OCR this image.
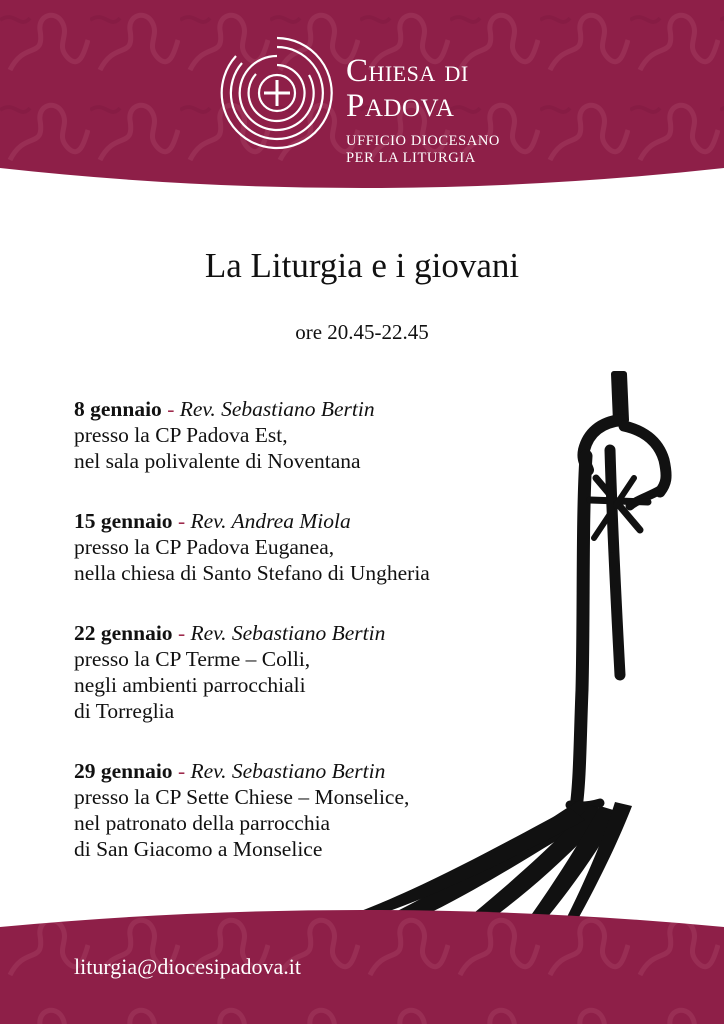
CHIESA DI
PADOVA
UFFICIO DIOCESANO
PER LA LITURGIA
La Liturgia e i giovani
ore 20.45-22.45
8 gennaio - Rev. Sebastiano Bertin
presso la CP Padova Est,
nel sala polivalente di Noventana
15 gennaio - Rev. Andrea Miola
presso la CP Padova Euganea,
nella chiesa di Santo Stefano di Ungheria
22 gennaio - Rev. Sebastiano Bertin
presso la CP Terme – Colli,
negli ambienti parrocchiali
di Torreglia
29 gennaio - Rev. Sebastiano Bertin
presso la CP Sette Chiese – Monselice,
nel patronato della parrocchia
di San Giacomo a Monselice
liturgia@diocesipadova.it
